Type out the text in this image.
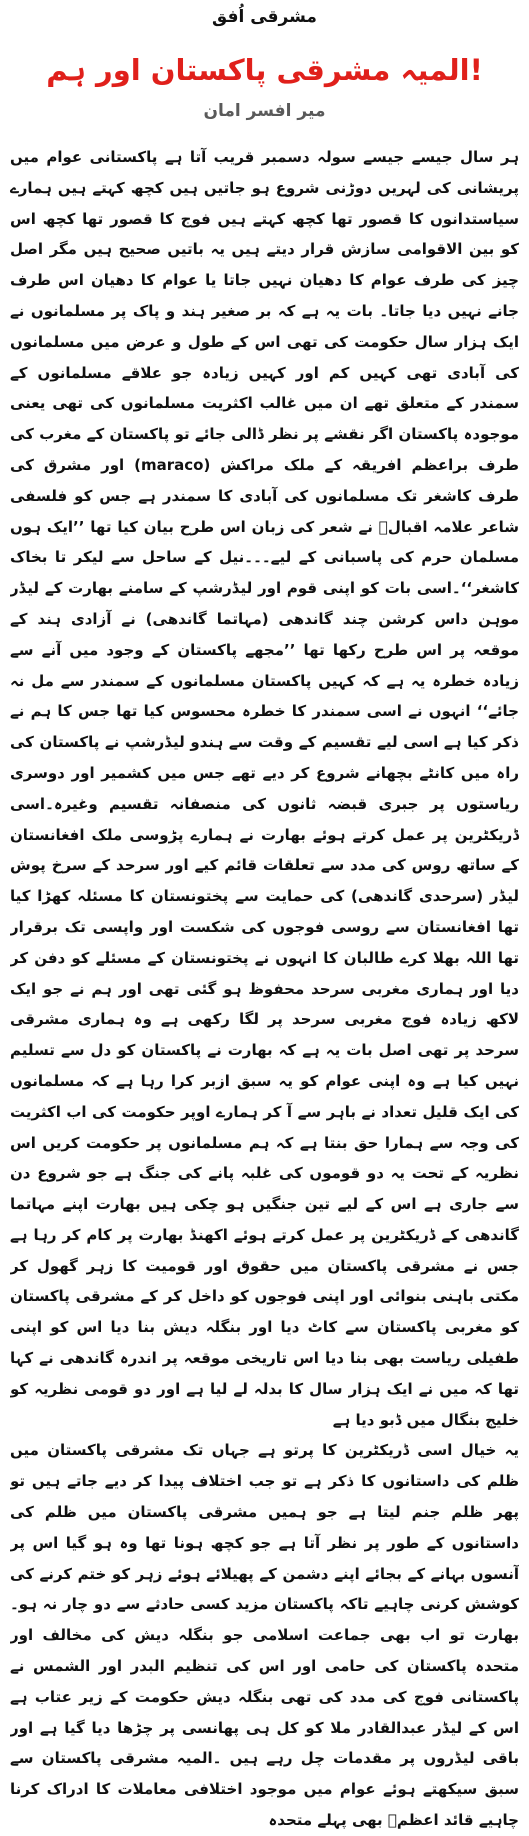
مشرقی اُفق
المیہ مشرقی پاکستان اور ہم!
میر افسر امان

ہر سال جیسے جیسے سولہ دسمبر قریب آتا ہے پاکستانی عوام میں پریشانی کی لہریں دوڑنی شروع ہو جاتیں ہیں کچھ کہتے ہیں ہمارے سیاستدانوں کا قصور تھا کچھ کہتے ہیں فوج کا قصور تھا کچھ اس کو بین الاقوامی سازش قرار دیتے ہیں یہ باتیں صحیح ہیں مگر اصل چیز کی طرف عوام کا دھیان نہیں جاتا یا عوام کا دھیان اس طرف جانے نہیں دیا جاتا۔ بات یہ ہے کہ بر صغیر ہند و پاک پر مسلمانوں نے ایک ہزار سال حکومت کی تھی اس کے طول و عرض میں مسلمانوں کی آبادی تھی کہیں کم اور کہیں زیادہ جو علاقے مسلمانوں کے سمندر کے متعلق تھے ان میں غالب اکثریت مسلمانوں کی تھی یعنی موجودہ پاکستان اگر نقشے پر نظر ڈالی جائے تو پاکستان کے مغرب کی طرف براعظم افریقہ کے ملک مراکش (maraco) اور مشرق کی طرف کاشغر تک مسلمانوں کی آبادی کا سمندر ہے جس کو فلسفی شاعر علامہ اقبالؒ نے شعر کی زبان اس طرح بیان کیا تھا ’’ایک ہوں مسلمان حرم کی پاسبانی کے لیے۔۔۔نیل کے ساحل سے لیکر تا بخاک کاشغر‘‘۔اسی بات کو اپنی قوم اور لیڈرشپ کے سامنے بھارت کے لیڈر موہن داس کرشن چند گاندھی (مہاتما گاندھی) نے آزادی ہند کے موقعہ پر اس طرح رکھا تھا ’’مجھے پاکستان کے وجود میں آنے سے زیادہ خطرہ یہ ہے کہ کہیں پاکستان مسلمانوں کے سمندر سے مل نہ جائے‘‘ انہوں نے اسی سمندر کا خطرہ محسوس کیا تھا جس کا ہم نے ذکر کیا ہے اسی لیے تقسیم کے وقت سے ہندو لیڈرشپ نے پاکستان کی راہ میں کانٹے بچھانے شروع کر دیے تھے جس میں کشمیر اور دوسری ریاستوں پر جبری قبضہ ثانوں کی منصفانہ تقسیم وغیرہ۔اسی ڈریکٹرین پر عمل کرتے ہوئے بھارت نے ہمارے پڑوسی ملک افغانستان کے ساتھ روس کی مدد سے تعلقات قائم کیے اور سرحد کے سرخ پوش لیڈر (سرحدی گاندھی) کی حمایت سے پختونستان کا مسئلہ کھڑا کیا تھا افغانستان سے روسی فوجوں کی شکست اور واپسی تک برقرار تھا اللہ بھلا کرے طالبان کا انہوں نے پختونستان کے مسئلے کو دفن کر دیا اور ہماری مغربی سرحد محفوظ ہو گئی تھی اور ہم نے جو ایک لاکھ زیادہ فوج مغربی سرحد پر لگا رکھی ہے وہ ہماری مشرقی سرحد پر تھی اصل بات یہ ہے کہ بھارت نے پاکستان کو دل سے تسلیم نہیں کیا ہے وہ اپنی عوام کو یہ سبق ازبر کرا رہا ہے کہ مسلمانوں کی ایک قلیل تعداد نے باہر سے آ کر ہمارے اوپر حکومت کی اب اکثریت کی وجہ سے ہمارا حق بنتا ہے کہ ہم مسلمانوں پر حکومت کریں اس نظریہ کے تحت یہ دو قوموں کی غلبہ پانے کی جنگ ہے جو شروع دن سے جاری ہے اس کے لیے تین جنگیں ہو چکی ہیں بھارت اپنے مہاتما گاندھی کے ڈریکٹرین پر عمل کرتے ہوئے اکھنڈ بھارت پر کام کر رہا ہے جس نے مشرقی پاکستان میں حقوق اور قومیت کا زہر گھول کر مکتی باہنی بنوائی اور اپنی فوجوں کو داخل کر کے مشرقی پاکستان کو مغربی پاکستان سے کاٹ دیا اور بنگلہ دیش بنا دیا اس کو اپنی طفیلی ریاست بھی بنا دیا اس تاریخی موقعہ پر اندرہ گاندھی نے کہا تھا کہ میں نے ایک ہزار سال کا بدلہ لے لیا ہے اور دو قومی نظریہ کو خلیج بنگال میں ڈبو دیا ہے

یہ خیال اسی ڈریکٹرین کا پرتو ہے جہاں تک مشرقی پاکستان میں ظلم کی داستانوں کا ذکر ہے تو جب اختلاف پیدا کر دیے جاتے ہیں تو پھر ظلم جنم لیتا ہے جو ہمیں مشرقی پاکستان میں ظلم کی داستانوں کے طور پر نظر آتا ہے جو کچھ ہونا تھا وہ ہو گیا اس پر آنسوں بہانے کے بجائے اپنے دشمن کے پھیلائے ہوئے زہر کو ختم کرنے کی کوشش کرنی چاہیے تاکہ پاکستان مزید کسی حادثے سے دو چار نہ ہو۔ بھارت تو اب بھی جماعت اسلامی جو بنگلہ دیش کی مخالف اور متحدہ پاکستان کی حامی اور اس کی تنظیم البدر اور الشمس نے پاکستانی فوج کی مدد کی تھی بنگلہ دیش حکومت کے زیر عتاب ہے اس کے لیڈر عبدالقادر ملا کو کل ہی پھانسی پر چڑھا دیا گیا ہے اور باقی لیڈروں پر مقدمات چل رہے ہیں ۔المیہ مشرقی پاکستان سے سبق سیکھتے ہوئے عوام میں موجود اختلافی معاملات کا ادراک کرنا چاہیے قائد اعظمؒ بھی پہلے متحدہ
